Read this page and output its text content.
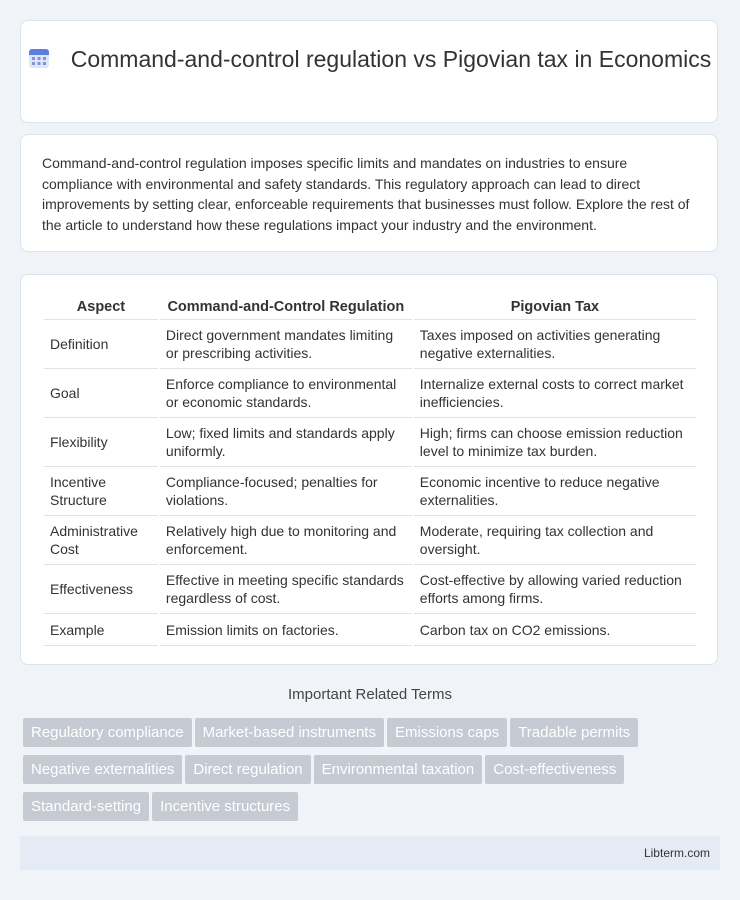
Command-and-control regulation vs Pigovian tax in Economics
Command-and-control regulation imposes specific limits and mandates on industries to ensure compliance with environmental and safety standards. This regulatory approach can lead to direct improvements by setting clear, enforceable requirements that businesses must follow. Explore the rest of the article to understand how these regulations impact your industry and the environment.
Aspect	Command-and-Control Regulation	Pigovian Tax
Definition	Direct government mandates limiting or prescribing activities.	Taxes imposed on activities generating negative externalities.
Goal	Enforce compliance to environmental or economic standards.	Internalize external costs to correct market inefficiencies.
Flexibility	Low; fixed limits and standards apply uniformly.	High; firms can choose emission reduction level to minimize tax burden.
Incentive Structure	Compliance-focused; penalties for violations.	Economic incentive to reduce negative externalities.
Administrative Cost	Relatively high due to monitoring and enforcement.	Moderate, requiring tax collection and oversight.
Effectiveness	Effective in meeting specific standards regardless of cost.	Cost-effective by allowing varied reduction efforts among firms.
Example	Emission limits on factories.	Carbon tax on CO2 emissions.
Important Related Terms
Regulatory compliance Market-based instruments Emissions caps Tradable permits
Negative externalities Direct regulation Environmental taxation Cost-effectiveness
Standard-setting Incentive structures
Libterm.com
